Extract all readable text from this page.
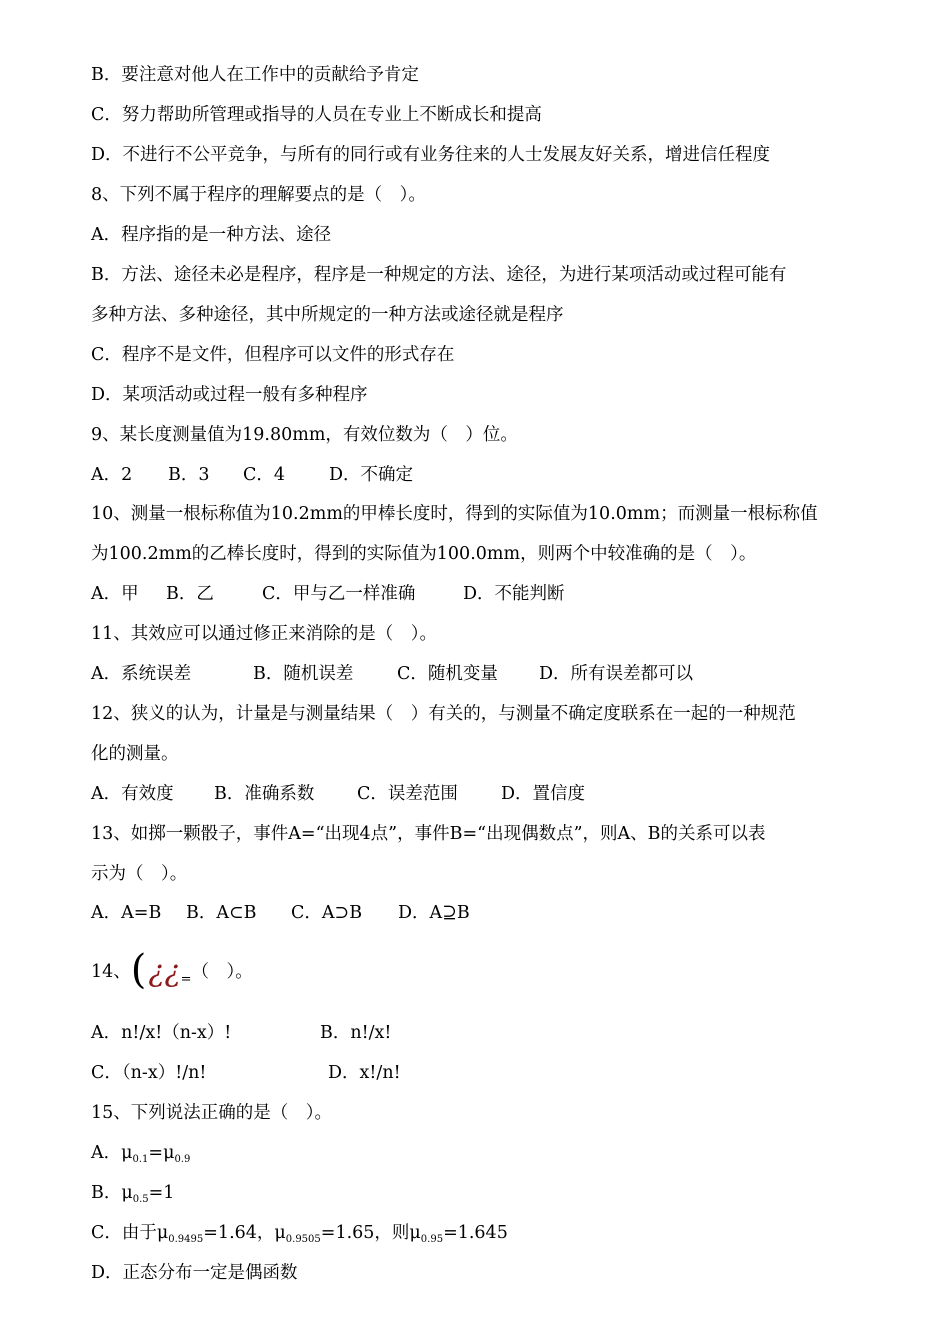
B．要注意对他人在工作中的贡献给予肯定
C．努力帮助所管理或指导的人员在专业上不断成长和提高
D．不进行不公平竞争，与所有的同行或有业务往来的人士发展友好关系，增进信任程度
8、下列不属于程序的理解要点的是（　）。
A．程序指的是一种方法、途径
B．方法、途径未必是程序，程序是一种规定的方法、途径，为进行某项活动或过程可能有
多种方法、多种途径，其中所规定的一种方法或途径就是程序
C．程序不是文件，但程序可以文件的形式存在
D．某项活动或过程一般有多种程序
9、某长度测量值为19.80mm，有效位数为（　）位。
A．2 B．3 C．4	D．不确定
10、测量一根标称值为10.2mm的甲棒长度时，得到的实际值为10.0mm；而测量一根标称值
为100.2mm的乙棒长度时，得到的实际值为100.0mm，则两个中较准确的是（　）。
A．甲 B．乙	C．甲与乙一样准确	D．不能判断
11、其效应可以通过修正来消除的是（　）。
A．系统误差	B．随机误差 C．随机变量 D．所有误差都可以
12、狭义的认为，计量是与测量结果（　）有关的，与测量不确定度联系在一起的一种规范
化的测量。
A．有效度 B．准确系数 C．误差范围 D．置信度
13、如掷一颗骰子，事件A=“出现4点”，事件B=“出现偶数点”，则A、B的关系可以表
示为（　）。
A．A=B B．A⊂B C．A⊃B D．A⊇B
14、(¿¿$_=$（　）。
A．n!/x!（n-x）!	B．n!/x!
C．（n-x）!/n!	D．x!/n!
15、下列说法正确的是（　）。
A．$\mu_{0.1}=\mu_{0.9}$
B．$\mu_{0.5}=1$
C．由于$\mu_{0.9495}=1.64$，$\mu_{0.9505}=1.65$，则$\mu_{0.95}=1.645$
D．正态分布一定是偶函数
